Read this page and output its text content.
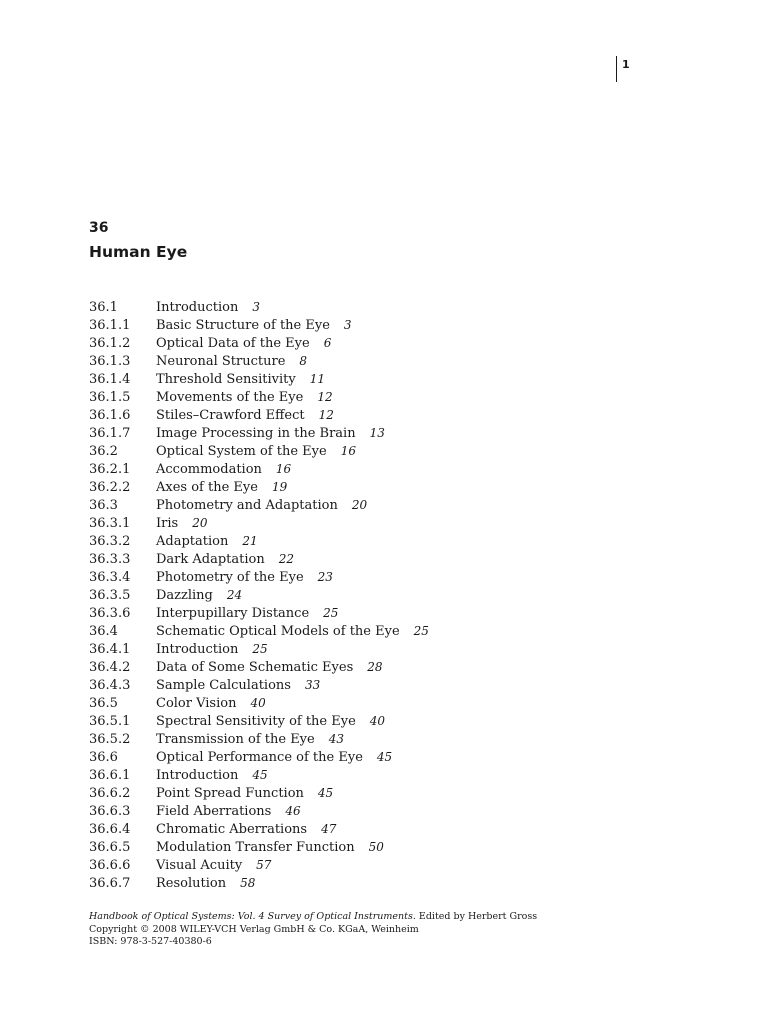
1
36
Human Eye
36.1	Introduction 3
36.1.1 Basic Structure of the Eye 3
36.1.2 Optical Data of the Eye 6
36.1.3 Neuronal Structure 8
36.1.4 Threshold Sensitivity 11
36.1.5 Movements of the Eye 12
36.1.6 Stiles–Crawford Effect 12
36.1.7 Image Processing in the Brain 13
36.2	Optical System of the Eye 16
36.2.1 Accommodation 16
36.2.2 Axes of the Eye 19
36.3	Photometry and Adaptation 20
36.3.1 Iris 20
36.3.2 Adaptation 21
36.3.3 Dark Adaptation 22
36.3.4 Photometry of the Eye 23
36.3.5 Dazzling 24
36.3.6 Interpupillary Distance 25
36.4	Schematic Optical Models of the Eye 25
36.4.1 Introduction 25
36.4.2 Data of Some Schematic Eyes 28
36.4.3 Sample Calculations 33
36.5	Color Vision 40
36.5.1 Spectral Sensitivity of the Eye 40
36.5.2 Transmission of the Eye 43
36.6	Optical Performance of the Eye 45
36.6.1 Introduction 45
36.6.2 Point Spread Function 45
36.6.3 Field Aberrations 46
36.6.4 Chromatic Aberrations 47
36.6.5 Modulation Transfer Function 50
36.6.6 Visual Acuity 57
36.6.7 Resolution 58
Handbook of Optical Systems: Vol. 4 Survey of Optical Instruments. Edited by Herbert Gross
Copyright © 2008 WILEY-VCH Verlag GmbH & Co. KGaA, Weinheim
ISBN: 978-3-527-40380-6
